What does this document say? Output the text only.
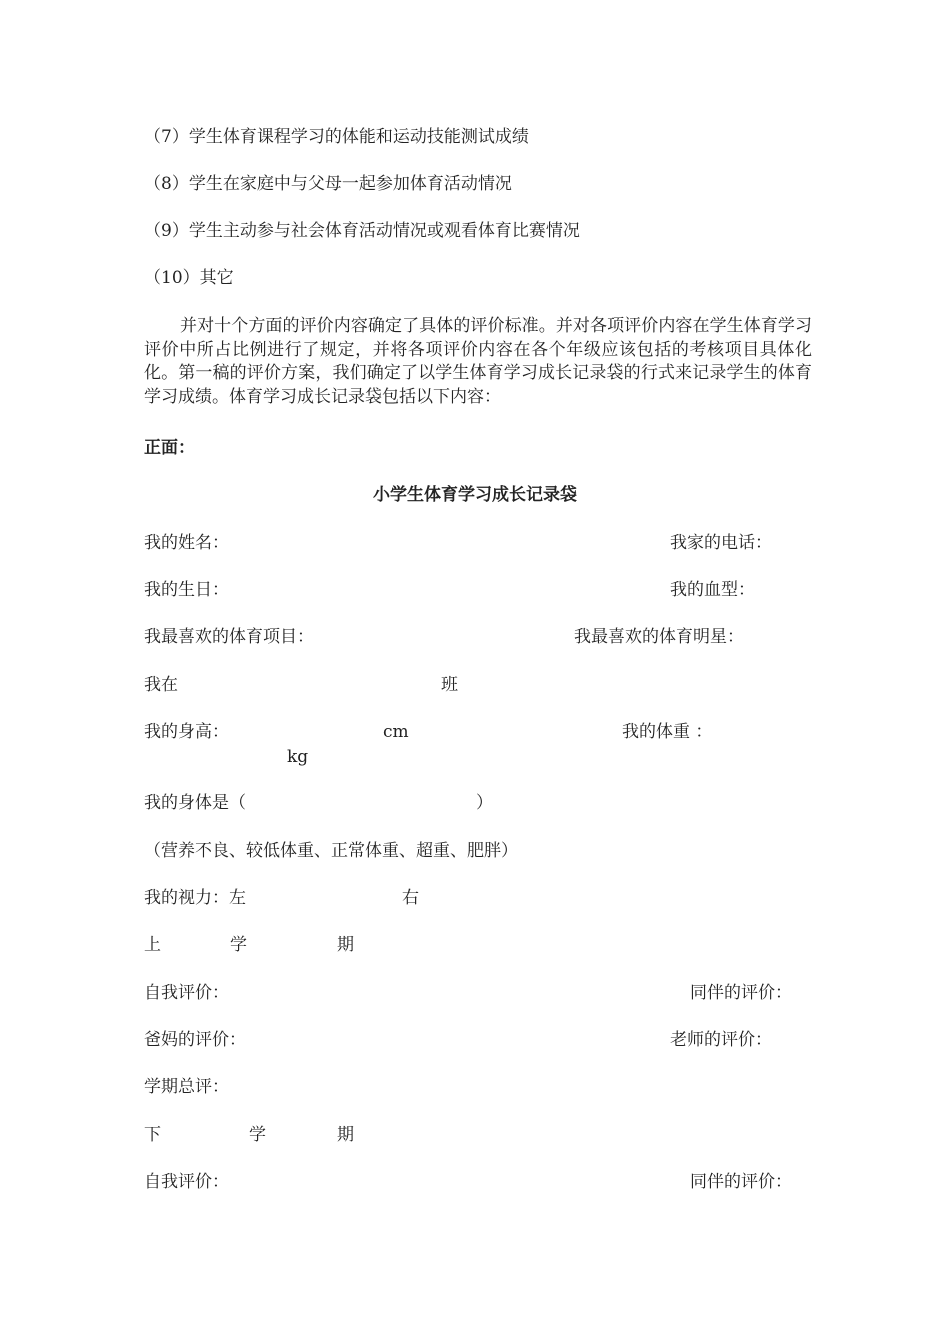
（7）学生体育课程学习的体能和运动技能测试成绩
（8）学生在家庭中与父母一起参加体育活动情况
（9）学生主动参与社会体育活动情况或观看体育比赛情况
（10）其它
并对十个方面的评价内容确定了具体的评价标准。并对各项评价内容在学生体育学习评价中所占比例进行了规定，并将各项评价内容在各个年级应该包括的考核项目具体化化。第一稿的评价方案，我们确定了以学生体育学习成长记录袋的行式来记录学生的体育学习成绩。体育学习成长记录袋包括以下内容：
正面：
小学生体育学习成长记录袋
我的姓名：	我家的电话：
我的生日：	我的血型：
我最喜欢的体育项目：	我最喜欢的体育明星：
我在	班
我的身高：	cm	我的体重 ：
kg
我的身体是（	）
（营养不良、较低体重、正常体重、超重、肥胖）
我的视力：左	右
上	学	期
自我评价：	同伴的评价：
爸妈的评价：	老师的评价：
学期总评：
下	学	期
自我评价：	同伴的评价：
